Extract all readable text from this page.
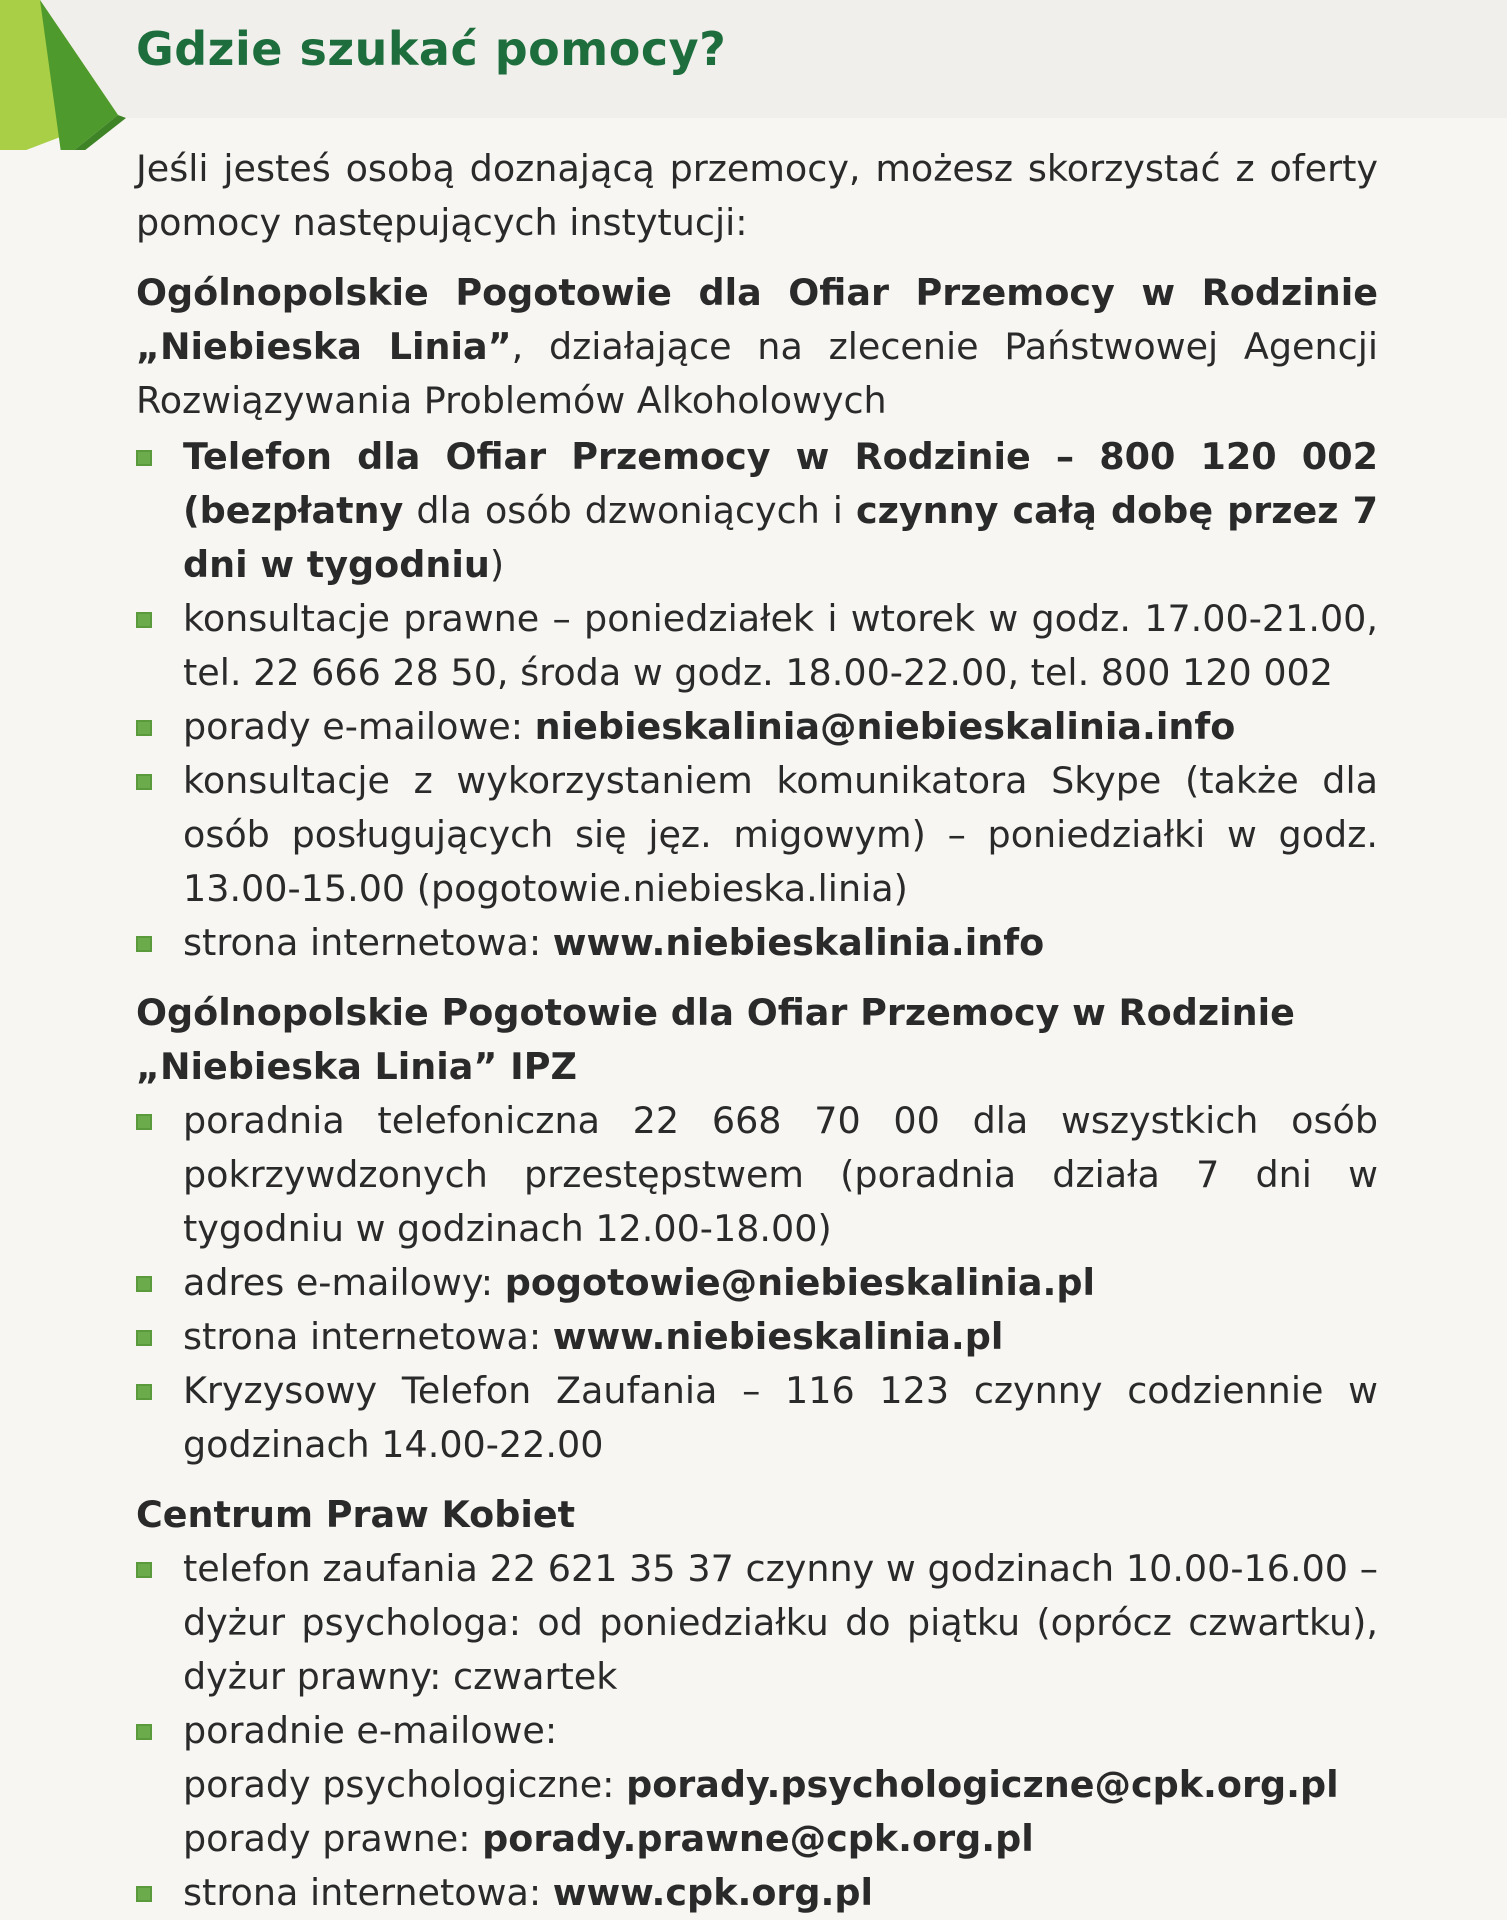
Gdzie szukać pomocy?

Jeśli jesteś osobą doznającą przemocy, możesz skorzystać z oferty pomocy następujących instytucji:

Ogólnopolskie Pogotowie dla Ofiar Przemocy w Rodzinie „Niebieska Linia”, działające na zlecenie Państwowej Agencji Rozwiązywania Problemów Alkoholowych

Telefon dla Ofiar Przemocy w Rodzinie – 800 120 002 (bezpłatny dla osób dzwoniących i czynny całą dobę przez 7 dni w tygodniu)
konsultacje prawne – poniedziałek i wtorek w godz. 17.00-21.00, tel. 22 666 28 50, środa w godz. 18.00-22.00, tel. 800 120 002
porady e-mailowe: niebieskalinia@niebieskalinia.info
konsultacje z wykorzystaniem komunikatora Skype (także dla osób posługujących się jęz. migowym) – poniedziałki w godz. 13.00-15.00 (pogotowie.niebieska.linia)
strona internetowa: www.niebieskalinia.info

Ogólnopolskie Pogotowie dla Ofiar Przemocy w Rodzinie „Niebieska Linia” IPZ

poradnia telefoniczna 22 668 70 00 dla wszystkich osób pokrzywdzonych przestępstwem (poradnia działa 7 dni w tygodniu w godzinach 12.00-18.00)
adres e-mailowy: pogotowie@niebieskalinia.pl
strona internetowa: www.niebieskalinia.pl
Kryzysowy Telefon Zaufania – 116 123 czynny codziennie w godzinach 14.00-22.00

Centrum Praw Kobiet

telefon zaufania 22 621 35 37 czynny w godzinach 10.00-16.00 – dyżur psychologa: od poniedziałku do piątku (oprócz czwartku), dyżur prawny: czwartek
poradnie e-mailowe:
porady psychologiczne: porady.psychologiczne@cpk.org.pl
porady prawne: porady.prawne@cpk.org.pl
strona internetowa: www.cpk.org.pl
